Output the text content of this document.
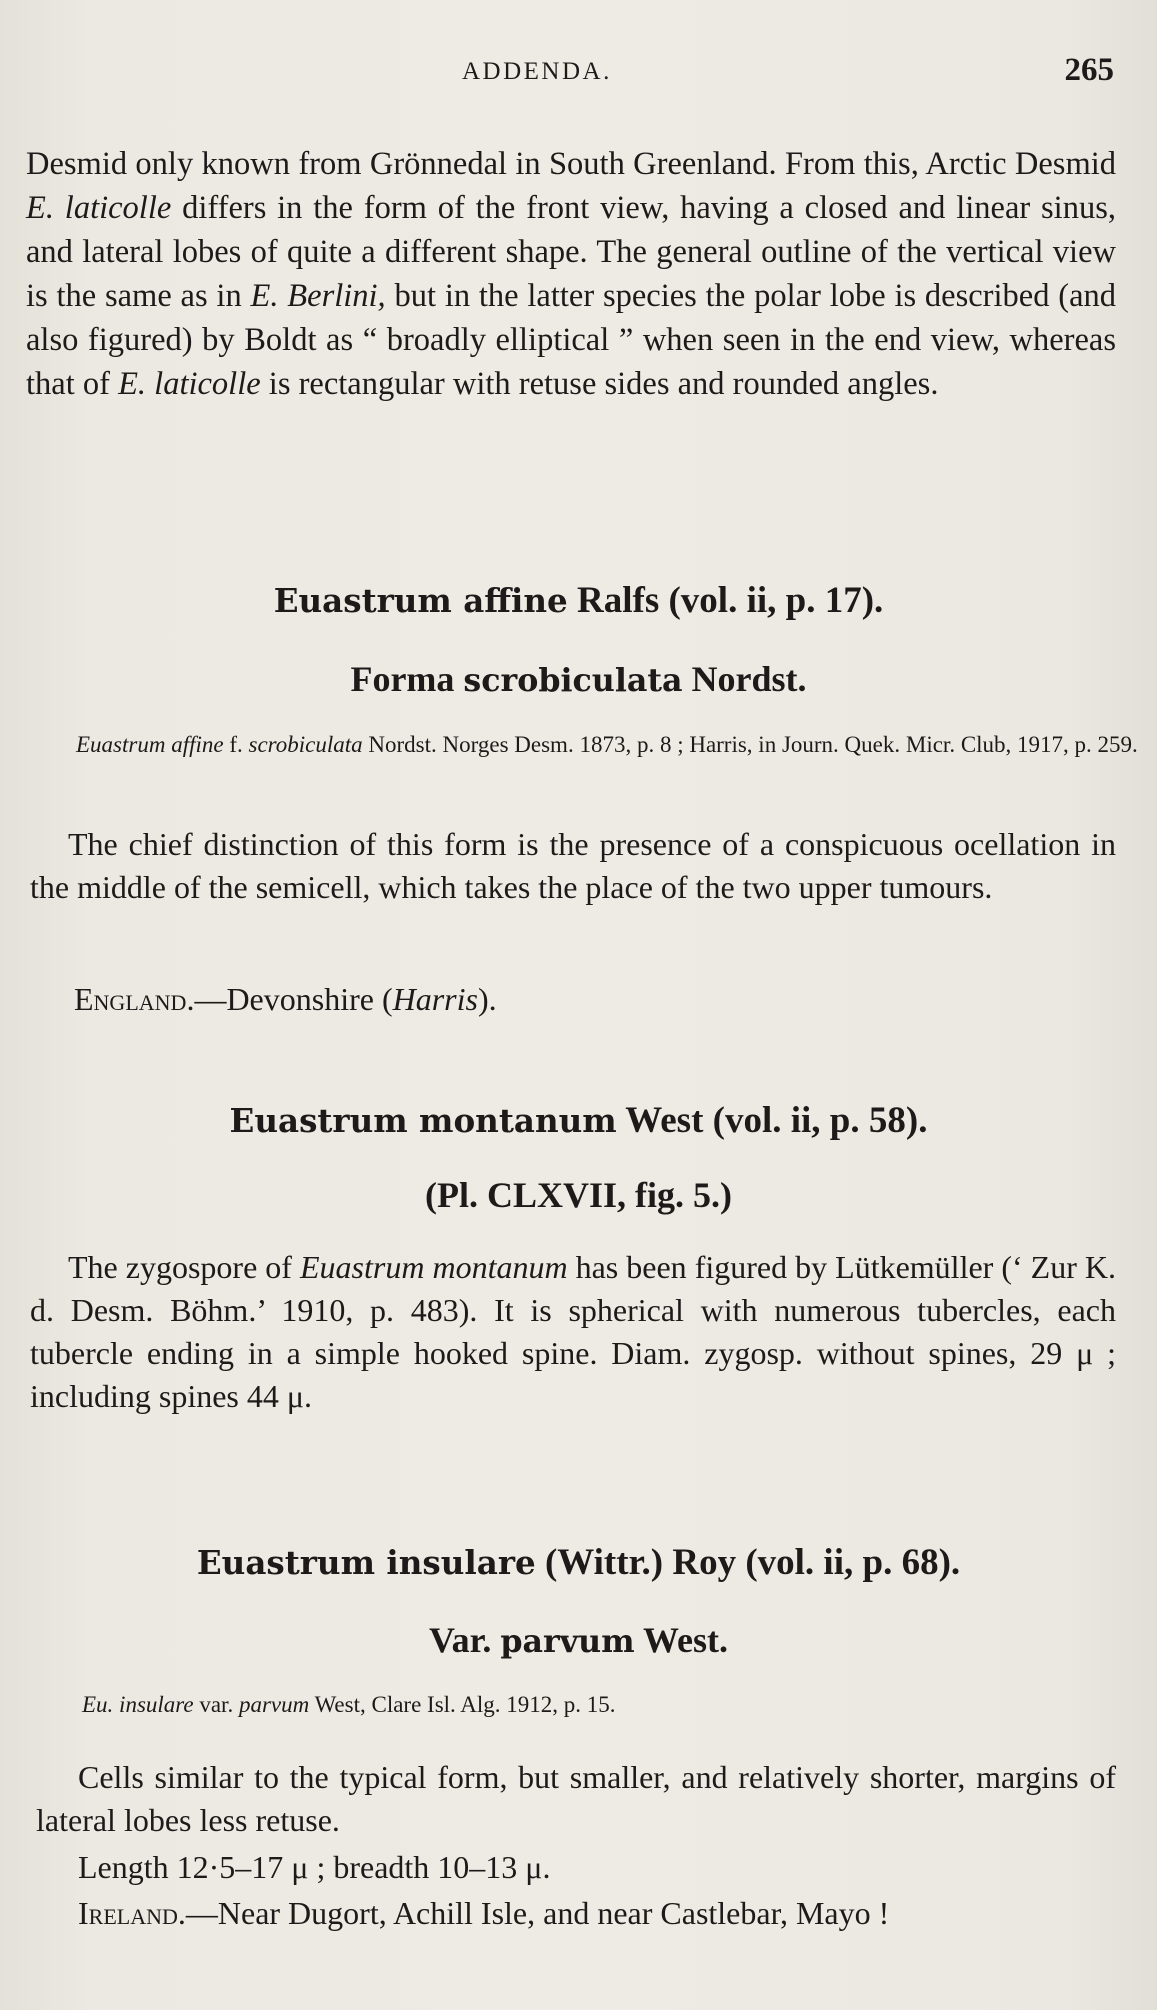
ADDENDA.	265

Desmid only known from Grönnedal in South Greenland. From this, Arctic Desmid E. laticolle differs in the form of the front view, having a closed and linear sinus, and lateral lobes of quite a different shape. The general outline of the vertical view is the same as in E. Berlini, but in the latter species the polar lobe is described (and also figured) by Boldt as “ broadly elliptical ” when seen in the end view, whereas that of E. laticolle is rectangular with retuse sides and rounded angles.

Euastrum affine Ralfs (vol. ii, p. 17).
Forma scrobiculata Nordst.

Euastrum affine f. scrobiculata Nordst. Norges Desm. 1873, p. 8 ; Harris, in Journ. Quek. Micr. Club, 1917, p. 259.

The chief distinction of this form is the presence of a conspicuous ocellation in the middle of the semicell, which takes the place of the two upper tumours.

England.—Devonshire (Harris).

Euastrum montanum West (vol. ii, p. 58).
(Pl. CLXVII, fig. 5.)

The zygospore of Euastrum montanum has been figured by Lütkemüller (‘ Zur K. d. Desm. Böhm.’ 1910, p. 483). It is spherical with numerous tubercles, each tubercle ending in a simple hooked spine. Diam. zygosp. without spines, 29 μ ; including spines 44 μ.

Euastrum insulare (Wittr.) Roy (vol. ii, p. 68).
Var. parvum West.

Eu. insulare var. parvum West, Clare Isl. Alg. 1912, p. 15.

Cells similar to the typical form, but smaller, and relatively shorter, margins of lateral lobes less retuse.

Length 12·5–17 μ ; breadth 10–13 μ.

Ireland.—Near Dugort, Achill Isle, and near Castlebar, Mayo !
